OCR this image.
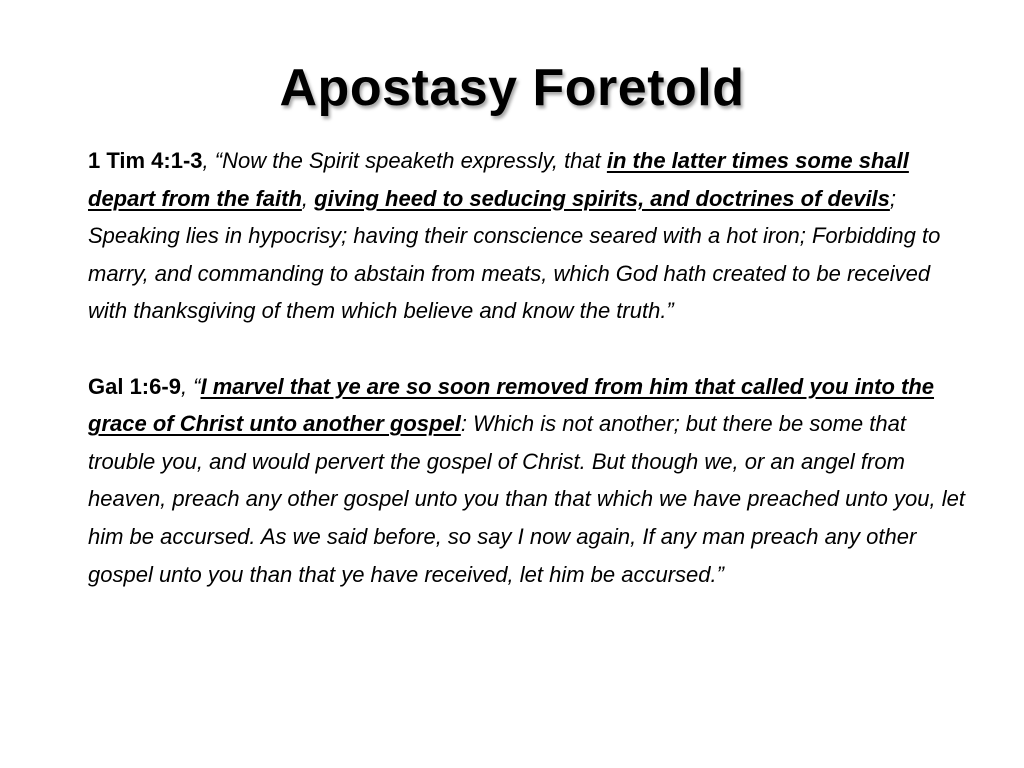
Apostasy Foretold

1 Tim 4:1-3, “Now the Spirit speaketh expressly, that in the latter times some shall depart from the faith, giving heed to seducing spirits, and doctrines of devils; Speaking lies in hypocrisy; having their conscience seared with a hot iron; Forbidding to marry, and commanding to abstain from meats, which God hath created to be received with thanksgiving of them which believe and know the truth.”

Gal 1:6-9, “I marvel that ye are so soon removed from him that called you into the grace of Christ unto another gospel: Which is not another; but there be some that trouble you, and would pervert the gospel of Christ. But though we, or an angel from heaven, preach any other gospel unto you than that which we have preached unto you, let him be accursed. As we said before, so say I now again, If any man preach any other gospel unto you than that ye have received, let him be accursed.”
